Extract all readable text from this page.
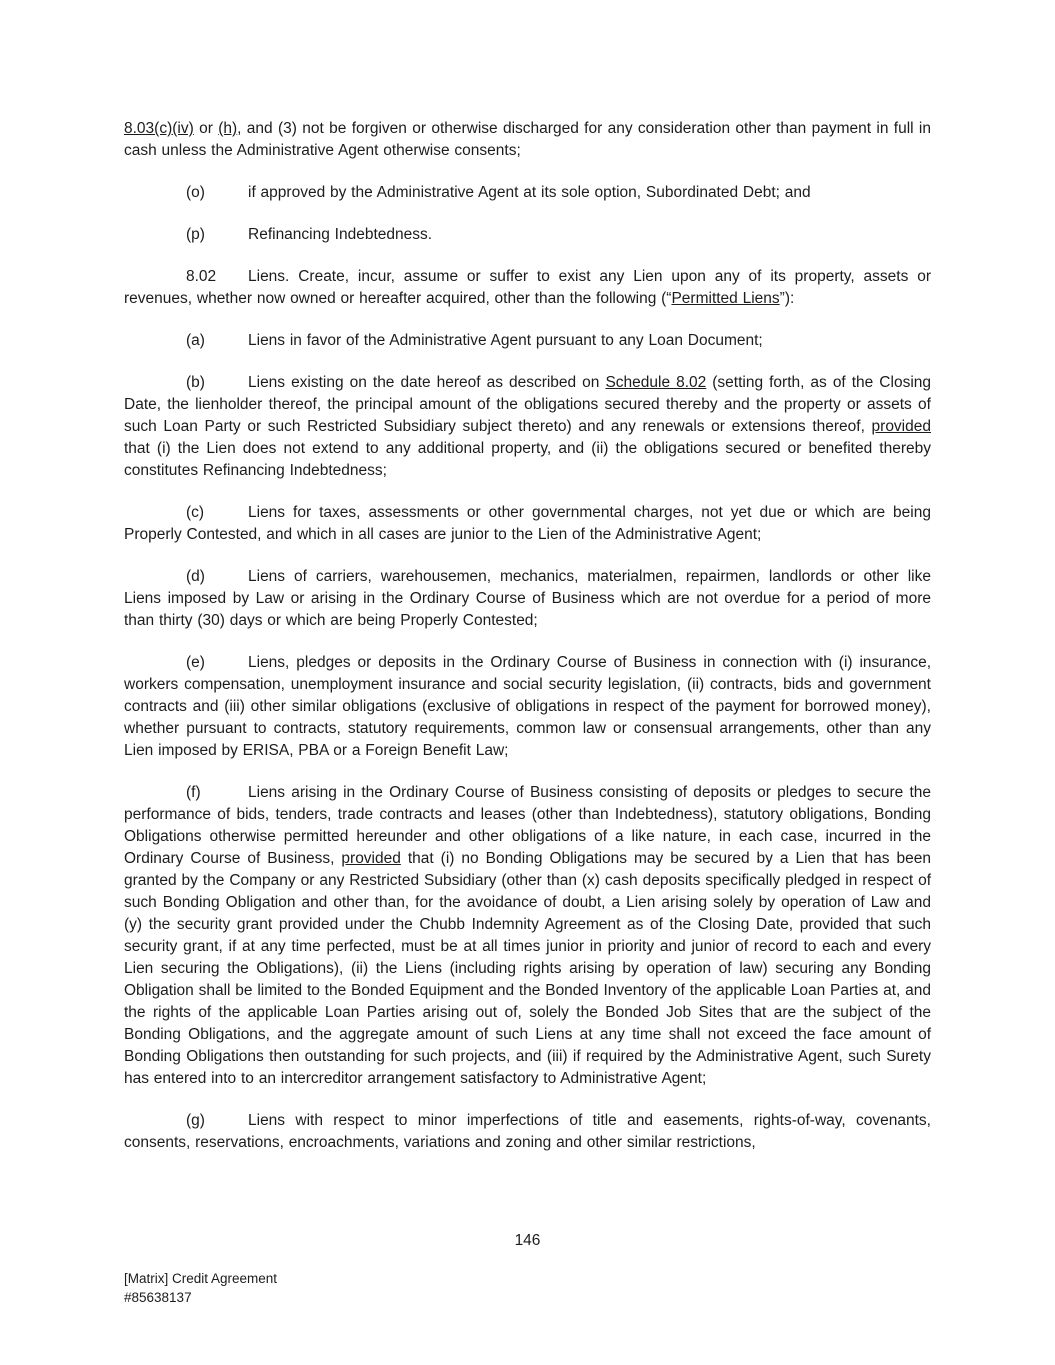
8.03(c)(iv) or (h), and (3) not be forgiven or otherwise discharged for any consideration other than payment in full in cash unless the Administrative Agent otherwise consents;

(o)	if approved by the Administrative Agent at its sole option, Subordinated Debt; and

(p)	Refinancing Indebtedness.

8.02 Liens. Create, incur, assume or suffer to exist any Lien upon any of its property, assets or revenues, whether now owned or hereafter acquired, other than the following (“Permitted Liens”):

(a)	Liens in favor of the Administrative Agent pursuant to any Loan Document;

(b)	Liens existing on the date hereof as described on Schedule 8.02 (setting forth, as of the Closing Date, the lienholder thereof, the principal amount of the obligations secured thereby and the property or assets of such Loan Party or such Restricted Subsidiary subject thereto) and any renewals or extensions thereof, provided that (i) the Lien does not extend to any additional property, and (ii) the obligations secured or benefited thereby constitutes Refinancing Indebtedness;

(c)	Liens for taxes, assessments or other governmental charges, not yet due or which are being Properly Contested, and which in all cases are junior to the Lien of the Administrative Agent;

(d)	Liens of carriers, warehousemen, mechanics, materialmen, repairmen, landlords or other like Liens imposed by Law or arising in the Ordinary Course of Business which are not overdue for a period of more than thirty (30) days or which are being Properly Contested;

(e)	Liens, pledges or deposits in the Ordinary Course of Business in connection with (i) insurance, workers compensation, unemployment insurance and social security legislation, (ii) contracts, bids and government contracts and (iii) other similar obligations (exclusive of obligations in respect of the payment for borrowed money), whether pursuant to contracts, statutory requirements, common law or consensual arrangements, other than any Lien imposed by ERISA, PBA or a Foreign Benefit Law;

(f)	Liens arising in the Ordinary Course of Business consisting of deposits or pledges to secure the performance of bids, tenders, trade contracts and leases (other than Indebtedness), statutory obligations, Bonding Obligations otherwise permitted hereunder and other obligations of a like nature, in each case, incurred in the Ordinary Course of Business, provided that (i) no Bonding Obligations may be secured by a Lien that has been granted by the Company or any Restricted Subsidiary (other than (x) cash deposits specifically pledged in respect of such Bonding Obligation and other than, for the avoidance of doubt, a Lien arising solely by operation of Law and (y) the security grant provided under the Chubb Indemnity Agreement as of the Closing Date, provided that such security grant, if at any time perfected, must be at all times junior in priority and junior of record to each and every Lien securing the Obligations), (ii) the Liens (including rights arising by operation of law) securing any Bonding Obligation shall be limited to the Bonded Equipment and the Bonded Inventory of the applicable Loan Parties at, and the rights of the applicable Loan Parties arising out of, solely the Bonded Job Sites that are the subject of the Bonding Obligations, and the aggregate amount of such Liens at any time shall not exceed the face amount of Bonding Obligations then outstanding for such projects, and (iii) if required by the Administrative Agent, such Surety has entered into to an intercreditor arrangement satisfactory to Administrative Agent;

(g)	Liens with respect to minor imperfections of title and easements, rights-of-way, covenants, consents, reservations, encroachments, variations and zoning and other similar restrictions,

146
[Matrix] Credit Agreement
#85638137
